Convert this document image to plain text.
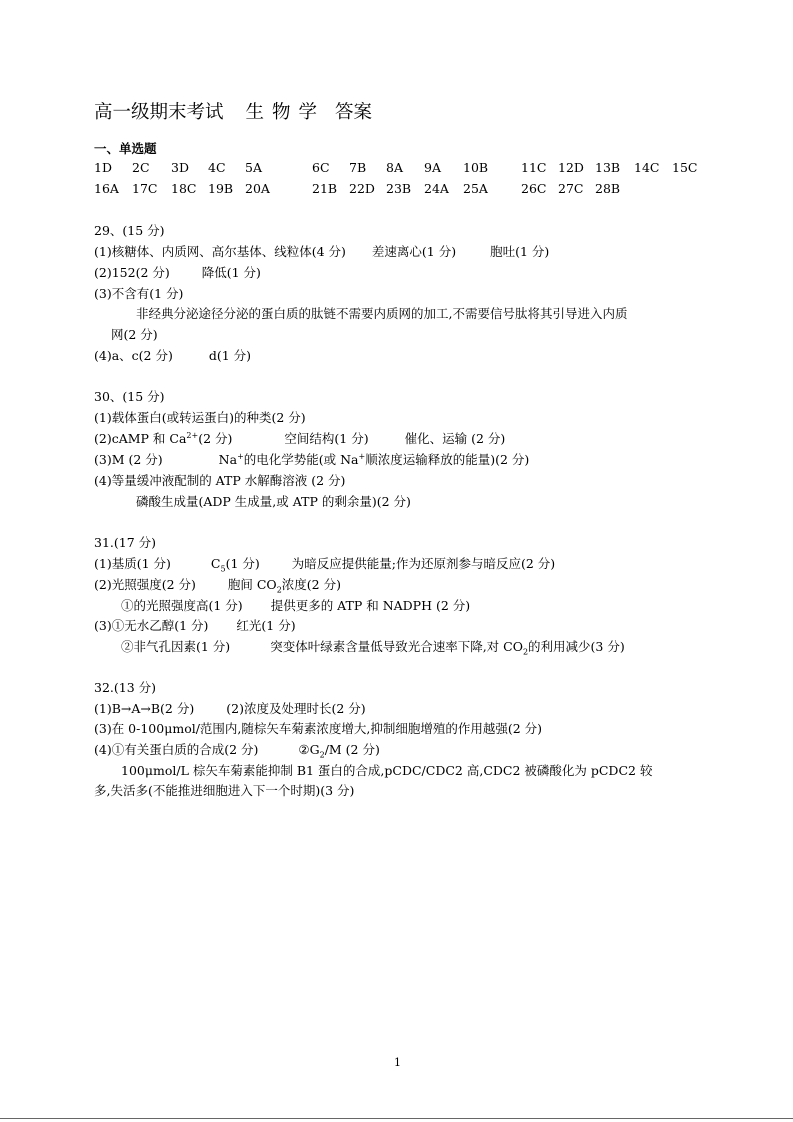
高一级期末考试 生物学 答案
一、单选题
1D 2C 3D 4C 5A	6C 7B 8A 9A 10B	11C 12D 13B 14C 15C
16A 17C 18C 19B 20A	21B 22D 23B 24A 25A	26C 27C 28B
29、(15 分)
(1)核糖体、内质网、高尔基体、线粒体(4 分) 差速离心(1 分)	胞吐(1 分)
(2)152(2 分)	降低(1 分)
(3)不含有(1 分)
非经典分泌途径分泌的蛋白质的肽链不需要内质网的加工,不需要信号肽将其引导进入内质
网(2 分)
(4)a、c(2 分)	d(1 分)
30、(15 分)
(1)载体蛋白(或转运蛋白)的种类(2 分)
(2)cAMP 和 $Ca^{2+}(2$ 分)	空间结构(1 分)	催化、运输 (2 分)
(3)M (2 分)	Na+的电化学势能(或 Na+顺浓度运输释放的能量)(2 分)
(4)等量缓冲液配制的 ATP 水解酶溶液 (2 分)
磷酸生成量(ADP 生成量,或 ATP 的剩余量)(2 分)
31.(17 分)
(1)基质(1 分)	$C_5(1$ 分)	为暗反应提供能量;作为还原剂参与暗反应(2 分)
(2)光照强度(2 分)	胞间 $CO_2$浓度(2 分)
①的光照强度高(1 分) 提供更多的 ATP 和 NADPH (2 分)
(3)①无水乙醇(1 分) 红光(1 分)
②非气孔因素(1 分)	突变体叶绿素含量低导致光合速率下降,对 $CO_2$的利用减少(3 分)
32.(13 分)
(1)B→A→B(2 分)	(2)浓度及处理时长(2 分)
(3)在 0-100μmol/范围内,随棕矢车菊素浓度增大,抑制细胞增殖的作用越强(2 分)
(4)①有关蛋白质的合成(2 分)	$②G_2/M$ (2 分)
100μmol/L 棕矢车菊素能抑制 B1 蛋白的合成,pCDC/CDC2 高,CDC2 被磷酸化为 pCDC2 较
多,失活多(不能推进细胞进入下一个时期)(3 分)
1
